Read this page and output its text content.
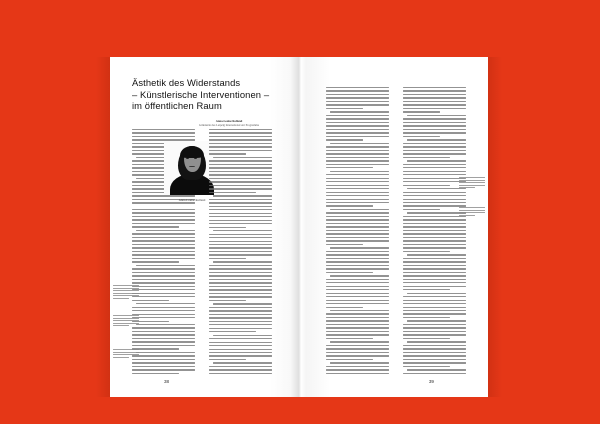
Ästhetik des Widerstands
– Künstlerische Interventionen –
im öffentlichen Raum
Anna-Louise Rolland
Gründerin des Leipzig International Art Programme
Anna-Louise Rolland
38	39
